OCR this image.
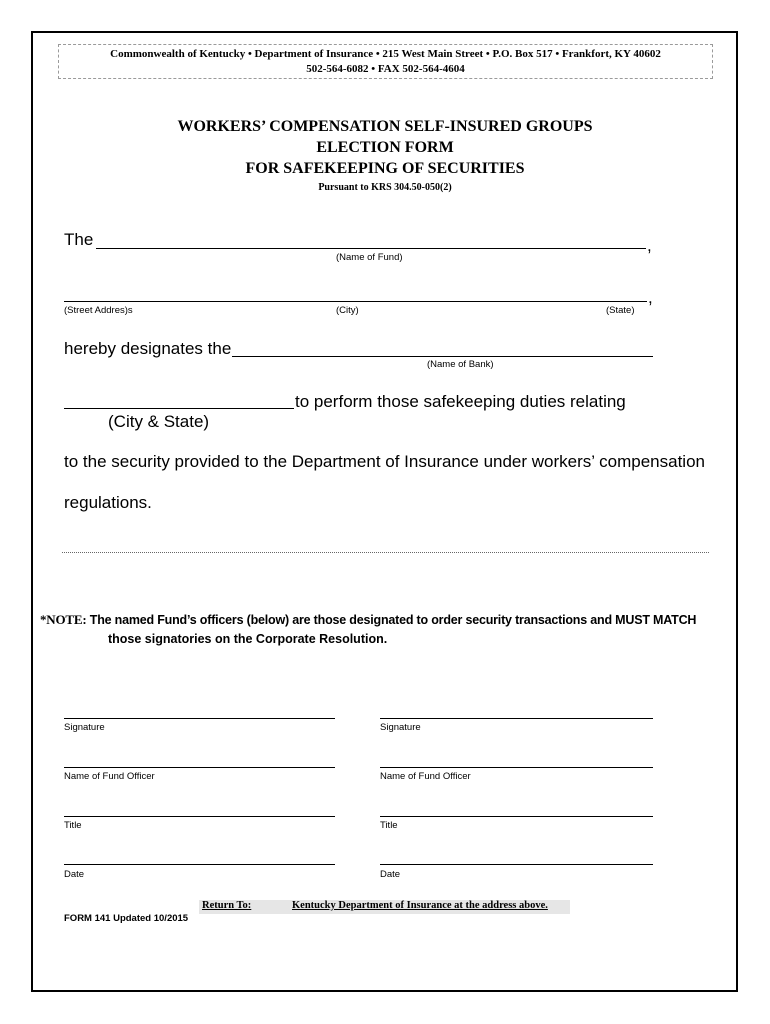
Commonwealth of Kentucky • Department of Insurance • 215 West Main Street • P.O. Box 517 • Frankfort, KY 40602
502-564-6082 • FAX 502-564-4604
WORKERS’ COMPENSATION SELF-INSURED GROUPS
ELECTION FORM
FOR SAFEKEEPING OF SECURITIES
Pursuant to KRS 304.50-050(2)
The	,
(Name of Fund)
,
(Street Addres)s	(City)	(State)
hereby designates the
(Name of Bank)
to perform those safekeeping duties relating
(City & State)
to the security provided to the Department of Insurance under workers’ compensation
regulations.
*NOTE: The named Fund’s officers (below) are those designated to order security transactions and MUST MATCH
those signatories on the Corporate Resolution.
Signature	Signature
Name of Fund Officer	Name of Fund Officer
Title	Title
Date	Date
Return To:	Kentucky Department of Insurance at the address above.
FORM 141 Updated 10/2015
